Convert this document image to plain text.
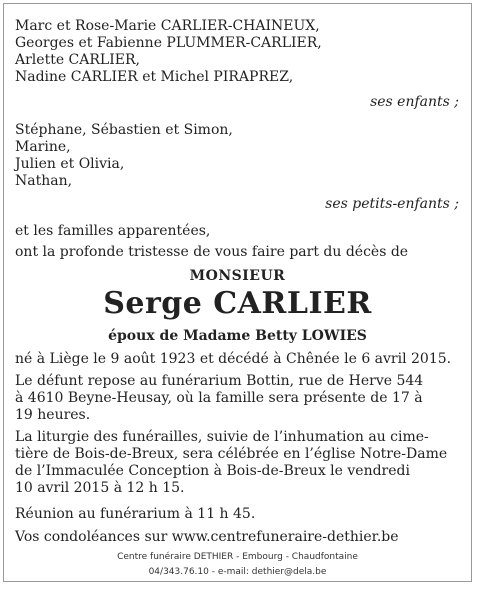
Marc et Rose-Marie CARLIER-CHAINEUX,
Georges et Fabienne PLUMMER-CARLIER,
Arlette CARLIER,
Nadine CARLIER et Michel PIRAPREZ,
ses enfants ;
Stéphane, Sébastien et Simon,
Marine,
Julien et Olivia,
Nathan,
ses petits-enfants ;
et les familles apparentées,
ont la profonde tristesse de vous faire part du décès de
MONSIEUR
Serge CARLIER
époux de Madame Betty LOWIES
né à Liège le 9 août 1923 et décédé à Chênée le 6 avril 2015.
Le défunt repose au funérarium Bottin, rue de Herve 544
à 4610 Beyne-Heusay, où la famille sera présente de 17 à
19 heures.
La liturgie des funérailles, suivie de l’inhumation au cime-
tière de Bois-de-Breux, sera célébrée en l’église Notre-Dame
de l’Immaculée Conception à Bois-de-Breux le vendredi
10 avril 2015 à 12 h 15.
Réunion au funérarium à 11 h 45.
Vos condoléances sur www.centrefuneraire-dethier.be
Centre funéraire DETHIER - Embourg - Chaudfontaine
04/343.76.10 - e-mail: dethier@dela.be
